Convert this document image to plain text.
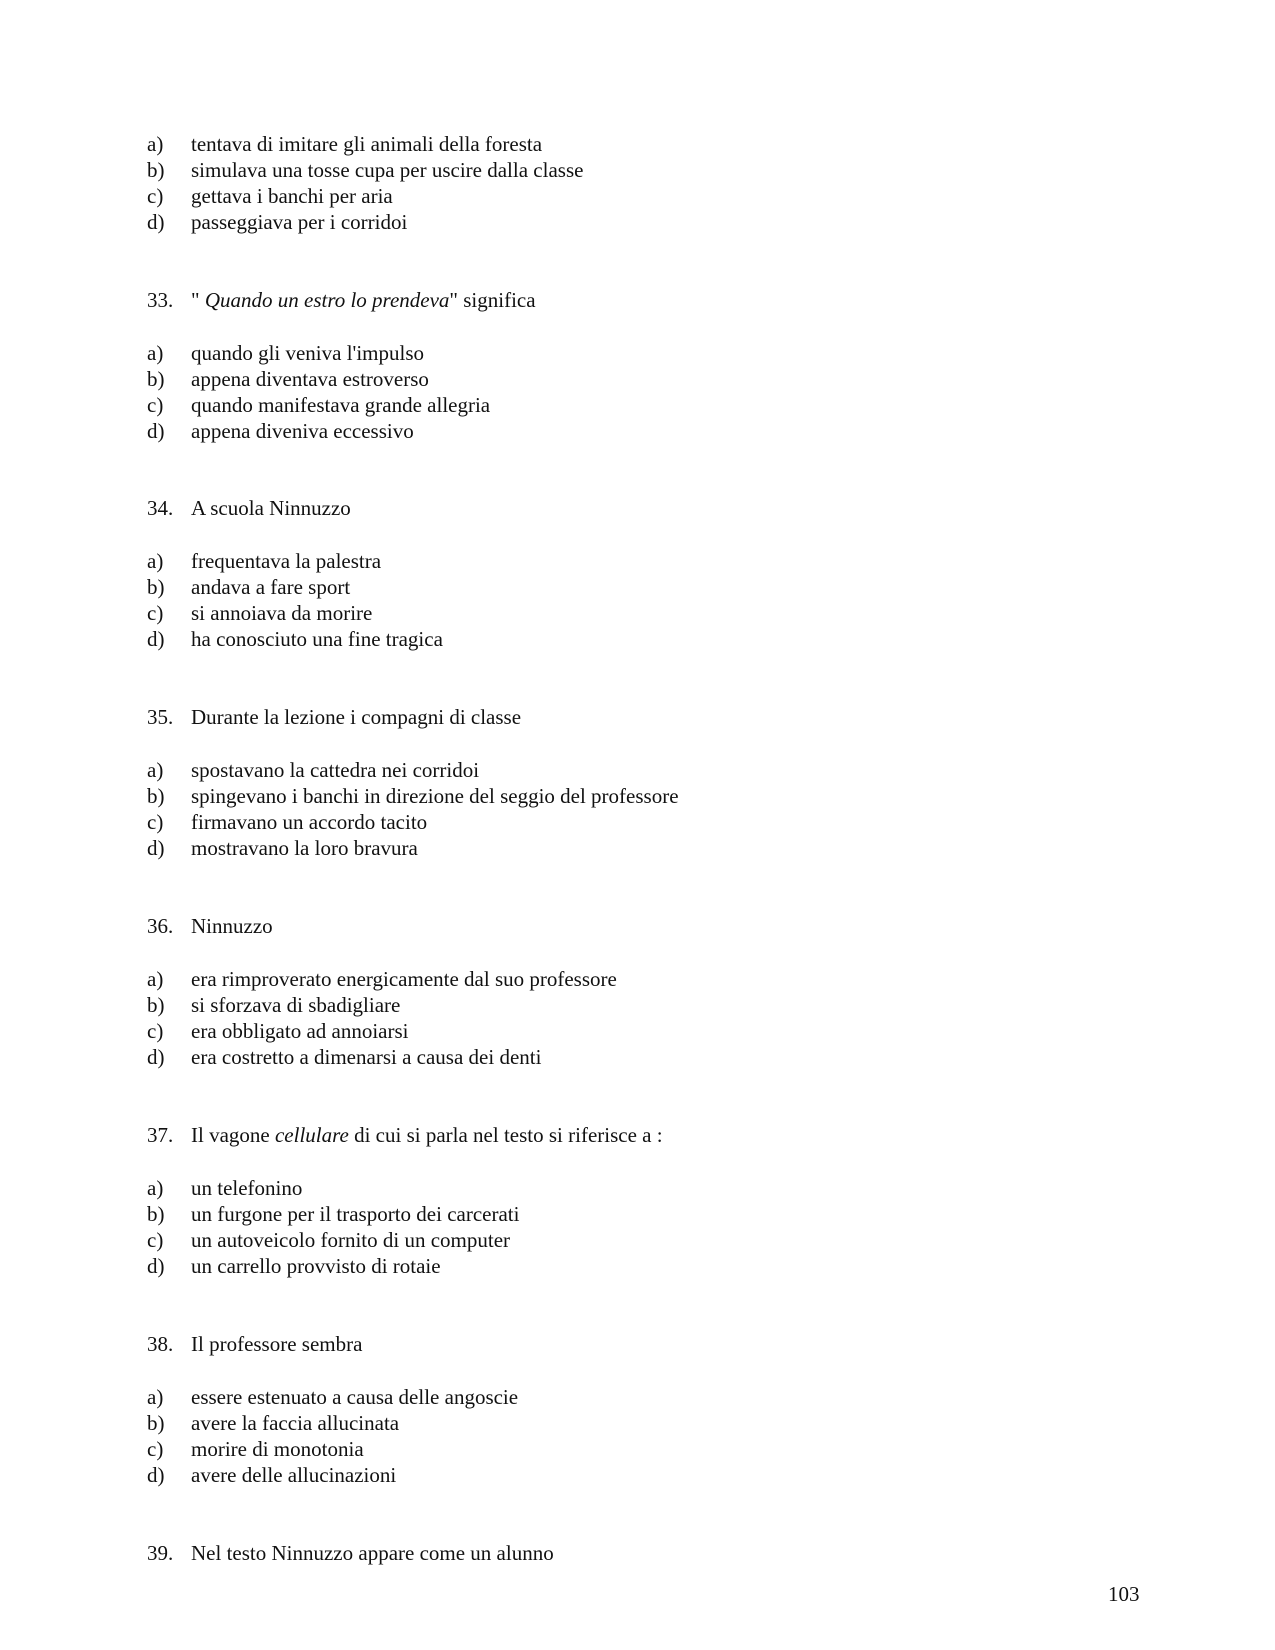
a) tentava di imitare gli animali della foresta
b) simulava una tosse cupa per uscire dalla classe
c) gettava i banchi per aria
d) passeggiava per i corridoi
33. " Quando un estro lo prendeva" significa
a) quando gli veniva l'impulso
b) appena diventava estroverso
c) quando manifestava grande allegria
d) appena diveniva eccessivo
34. A scuola Ninnuzzo
a) frequentava la palestra
b) andava a fare sport
c) si annoiava da morire
d) ha conosciuto una fine tragica
35. Durante la lezione i compagni di classe
a) spostavano la cattedra nei corridoi
b) spingevano i banchi in direzione del seggio del professore
c) firmavano un accordo tacito
d) mostravano la loro bravura
36. Ninnuzzo
a) era rimproverato energicamente dal suo professore
b) si sforzava di sbadigliare
c) era obbligato ad annoiarsi
d) era costretto a dimenarsi a causa dei denti
37. Il vagone cellulare di cui si parla nel testo si riferisce a :
a) un telefonino
b) un furgone per il trasporto dei carcerati
c) un autoveicolo fornito di un computer
d) un carrello provvisto di rotaie
38. Il professore sembra
a) essere estenuato a causa delle angoscie
b) avere la faccia allucinata
c) morire di monotonia
d) avere delle allucinazioni
39. Nel testo Ninnuzzo appare come un alunno
103
